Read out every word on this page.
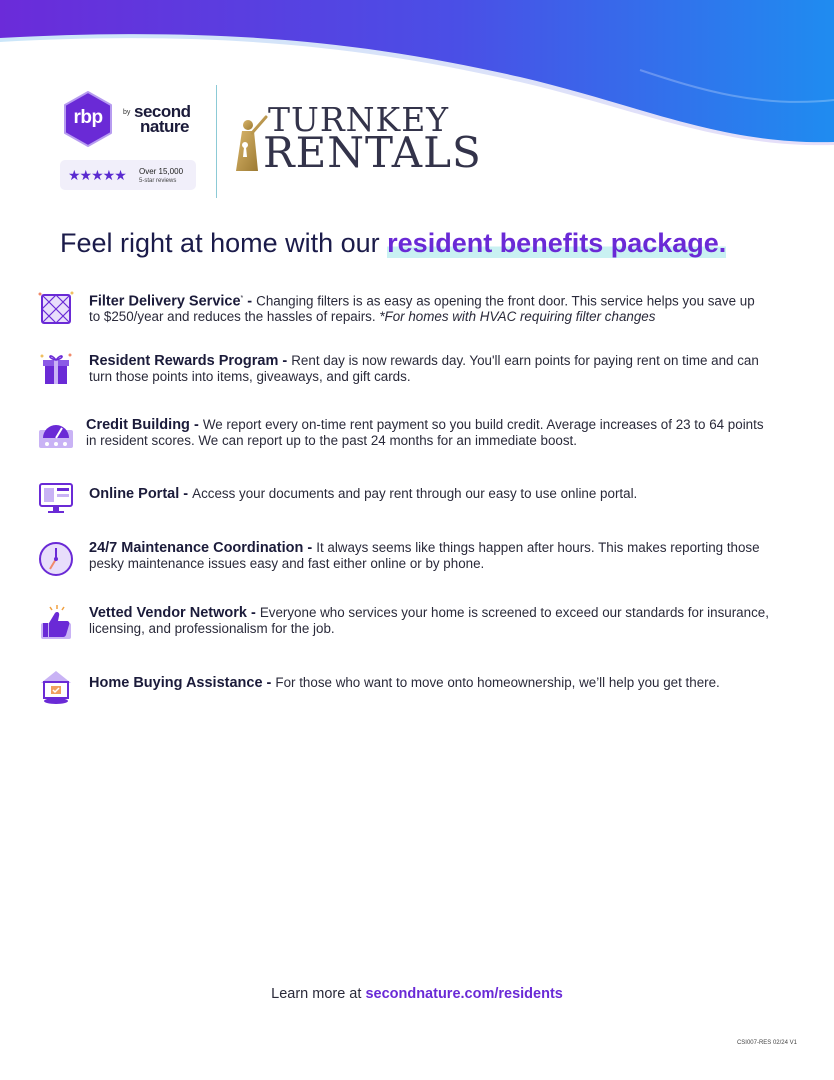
rbp	by second
nature
★★★★★ Over 15,000
5-star reviews
TURNKEY
RENTALS
Feel right at home with our resident benefits package.
Filter Delivery Service* - Changing filters is as easy as opening the front door. This service helps you save up to $250/year and reduces the hassles of repairs. *For homes with HVAC requiring filter changes
Resident Rewards Program - Rent day is now rewards day. You'll earn points for paying rent on time and can turn those points into items, giveaways, and gift cards.
Credit Building - We report every on-time rent payment so you build credit. Average increases of 23 to 64 points in resident scores. We can report up to the past 24 months for an immediate boost.
Online Portal - Access your documents and pay rent through our easy to use online portal.
24/7 Maintenance Coordination - It always seems like things happen after hours. This makes reporting those pesky maintenance issues easy and fast either online or by phone.
Vetted Vendor Network - Everyone who services your home is screened to exceed our standards for insurance, licensing, and professionalism for the job.
Home Buying Assistance - For those who want to move onto homeownership, we’ll help you get there.
Learn more at secondnature.com/residents
CSI007-RES 02/24 V1
